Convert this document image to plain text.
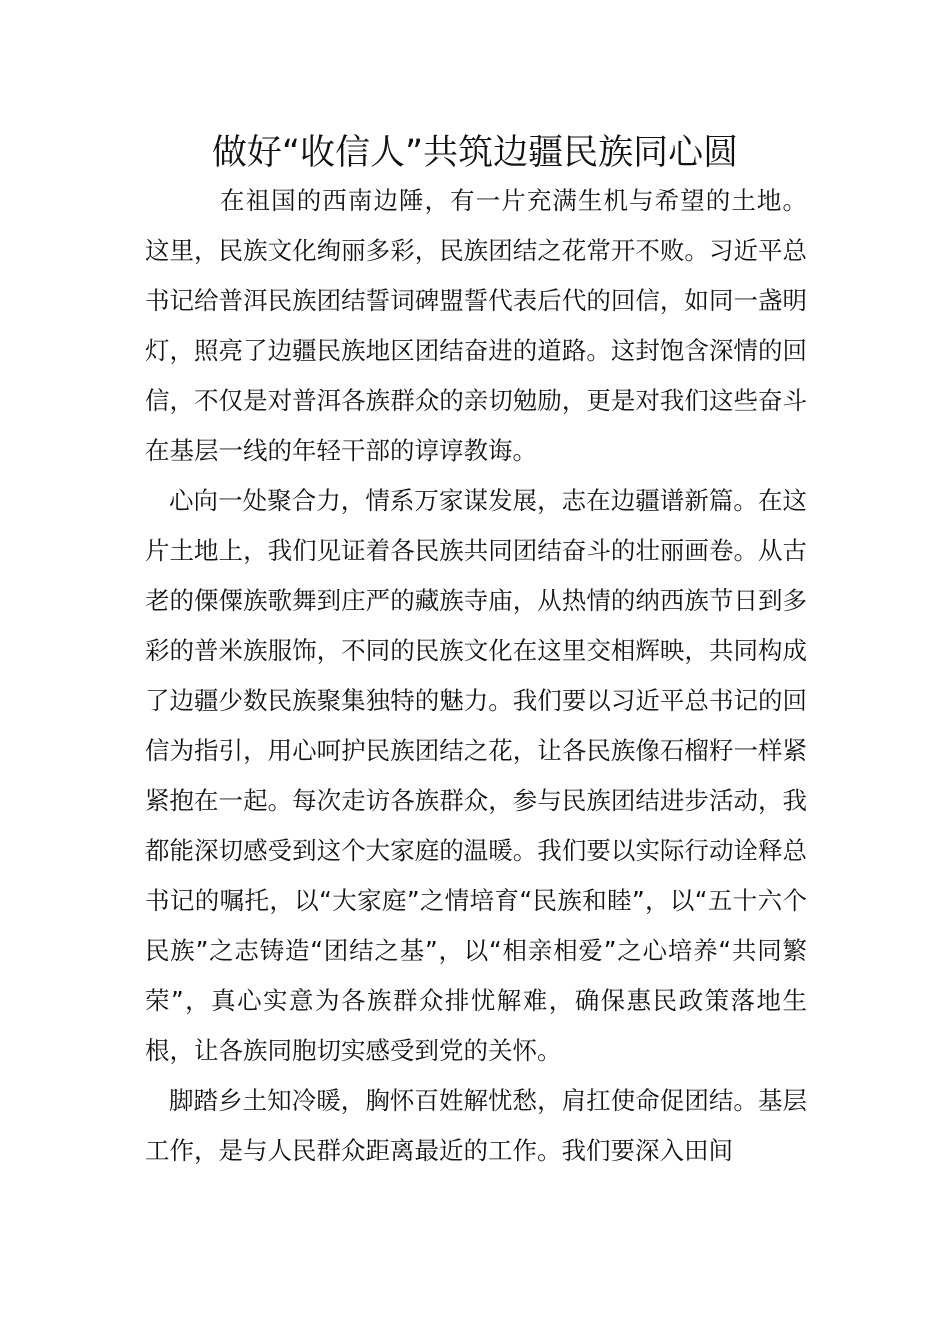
做好“收信人”共筑边疆民族同心圆

在祖国的西南边陲，有一片充满生机与希望的土地。这里，民族文化绚丽多彩，民族团结之花常开不败。习近平总书记给普洱民族团结誓词碑盟誓代表后代的回信，如同一盏明灯，照亮了边疆民族地区团结奋进的道路。这封饱含深情的回信，不仅是对普洱各族群众的亲切勉励，更是对我们这些奋斗在基层一线的年轻干部的谆谆教诲。

心向一处聚合力，情系万家谋发展，志在边疆谱新篇。在这片土地上，我们见证着各民族共同团结奋斗的壮丽画卷。从古老的傈僳族歌舞到庄严的藏族寺庙，从热情的纳西族节日到多彩的普米族服饰，不同的民族文化在这里交相辉映，共同构成了边疆少数民族聚集独特的魅力。我们要以习近平总书记的回信为指引，用心呵护民族团结之花，让各民族像石榴籽一样紧紧抱在一起。每次走访各族群众，参与民族团结进步活动，我都能深切感受到这个大家庭的温暖。我们要以实际行动诠释总书记的嘱托，以“大家庭”之情培育“民族和睦”，以“五十六个民族”之志铸造“团结之基”，以“相亲相爱”之心培养“共同繁荣”，真心实意为各族群众排忧解难，确保惠民政策落地生根，让各族同胞切实感受到党的关怀。

脚踏乡土知冷暖，胸怀百姓解忧愁，肩扛使命促团结。基层工作，是与人民群众距离最近的工作。我们要深入田间
